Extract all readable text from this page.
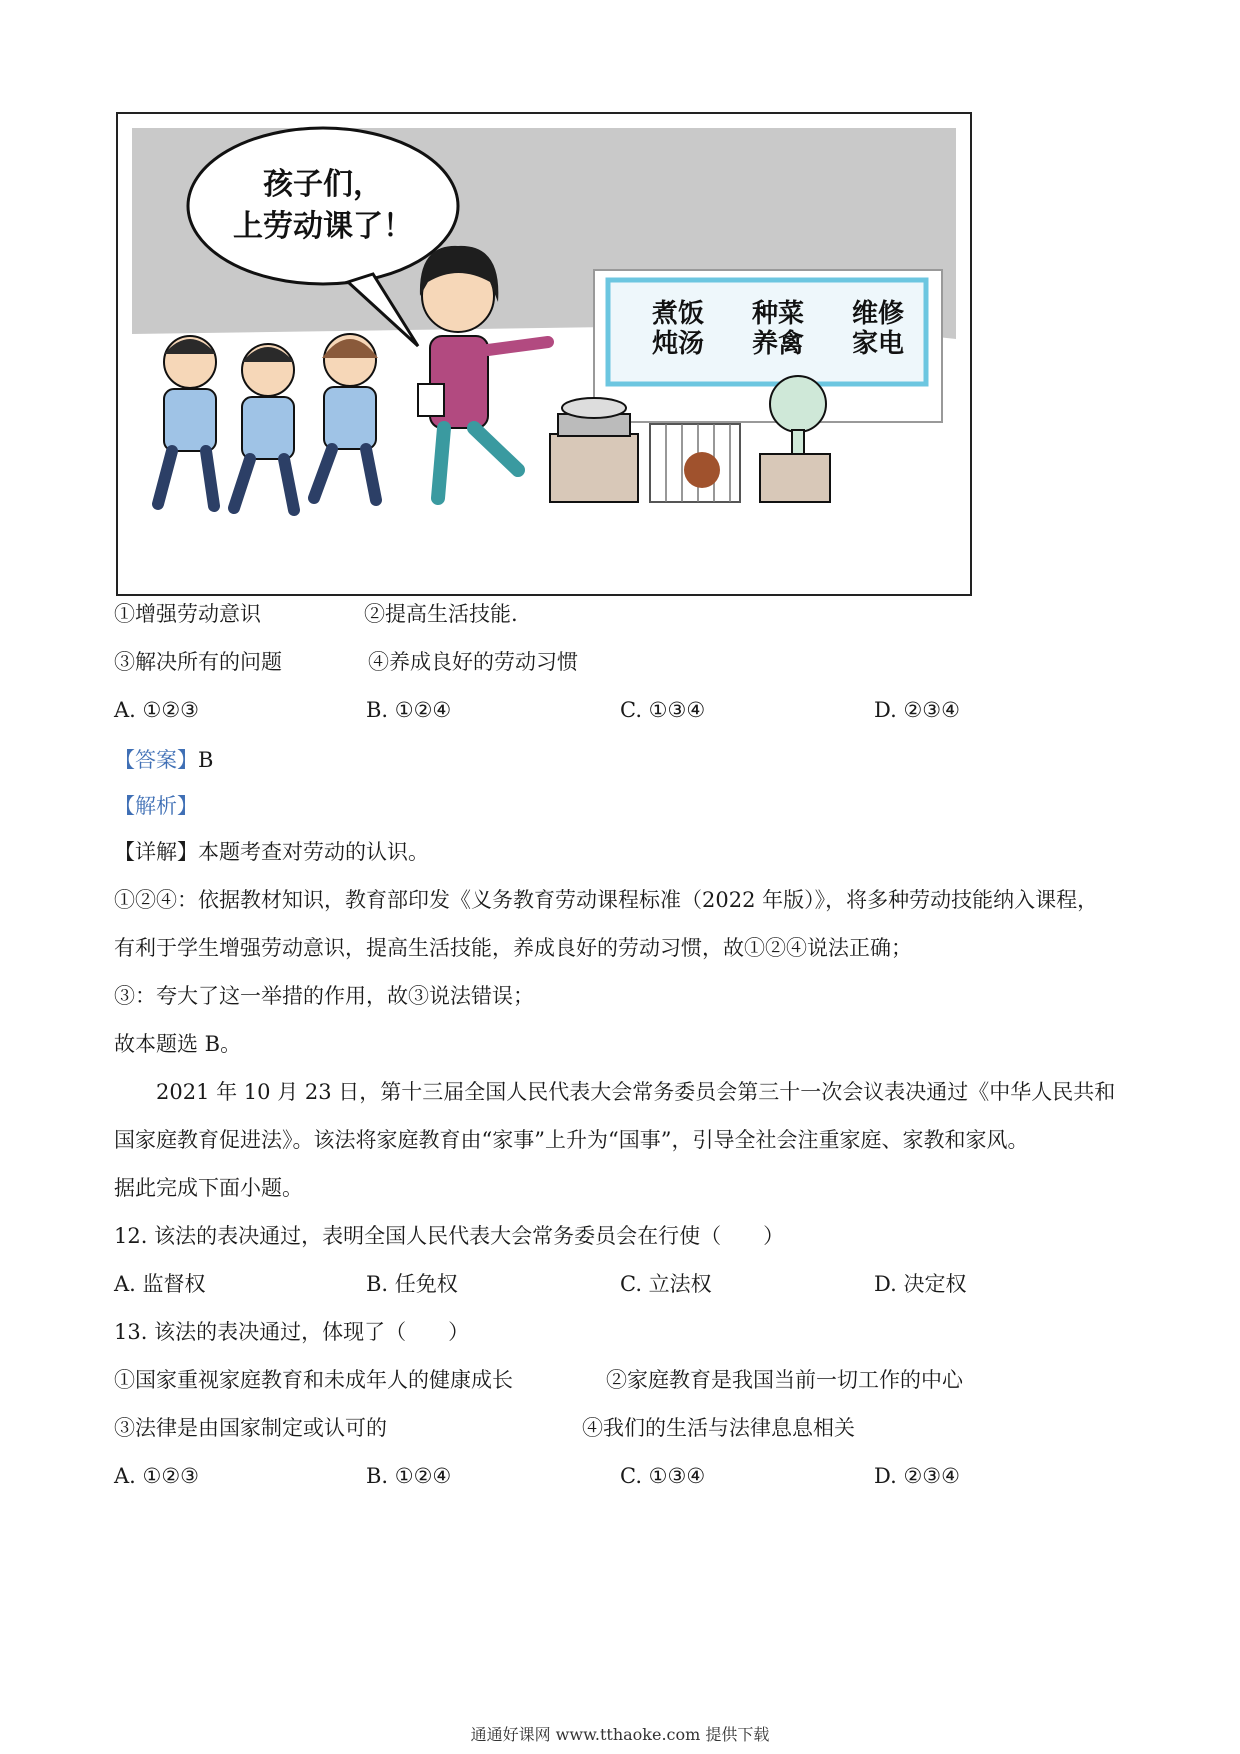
孩子们，
上劳动课了！
煮饭
炖汤
种菜
养禽
维修
家电
①增强劳动意识	②提高生活技能.
③解决所有的问题	④养成良好的劳动习惯
A. ①②③	B. ①②④	C. ①③④	D. ②③④
【答案】B
【解析】
【详解】本题考查对劳动的认识。
①②④：依据教材知识，教育部印发《义务教育劳动课程标准（2022 年版）》，将多种劳动技能纳入课程，
有利于学生增强劳动意识，提高生活技能，养成良好的劳动习惯，故①②④说法正确；
③：夸大了这一举措的作用，故③说法错误；
故本题选 B。
2021 年 10 月 23 日，第十三届全国人民代表大会常务委员会第三十一次会议表决通过《中华人民共和
国家庭教育促进法》。该法将家庭教育由“家事”上升为“国事”，引导全社会注重家庭、家教和家风。
据此完成下面小题。
12. 该法的表决通过，表明全国人民代表大会常务委员会在行使（　　）
A. 监督权	B. 任免权	C. 立法权	D. 决定权
13. 该法的表决通过，体现了（　　）
①国家重视家庭教育和未成年人的健康成长	②家庭教育是我国当前一切工作的中心
③法律是由国家制定或认可的	④我们的生活与法律息息相关
A. ①②③	B. ①②④	C. ①③④	D. ②③④
通通好课网 www.tthaoke.com 提供下载
